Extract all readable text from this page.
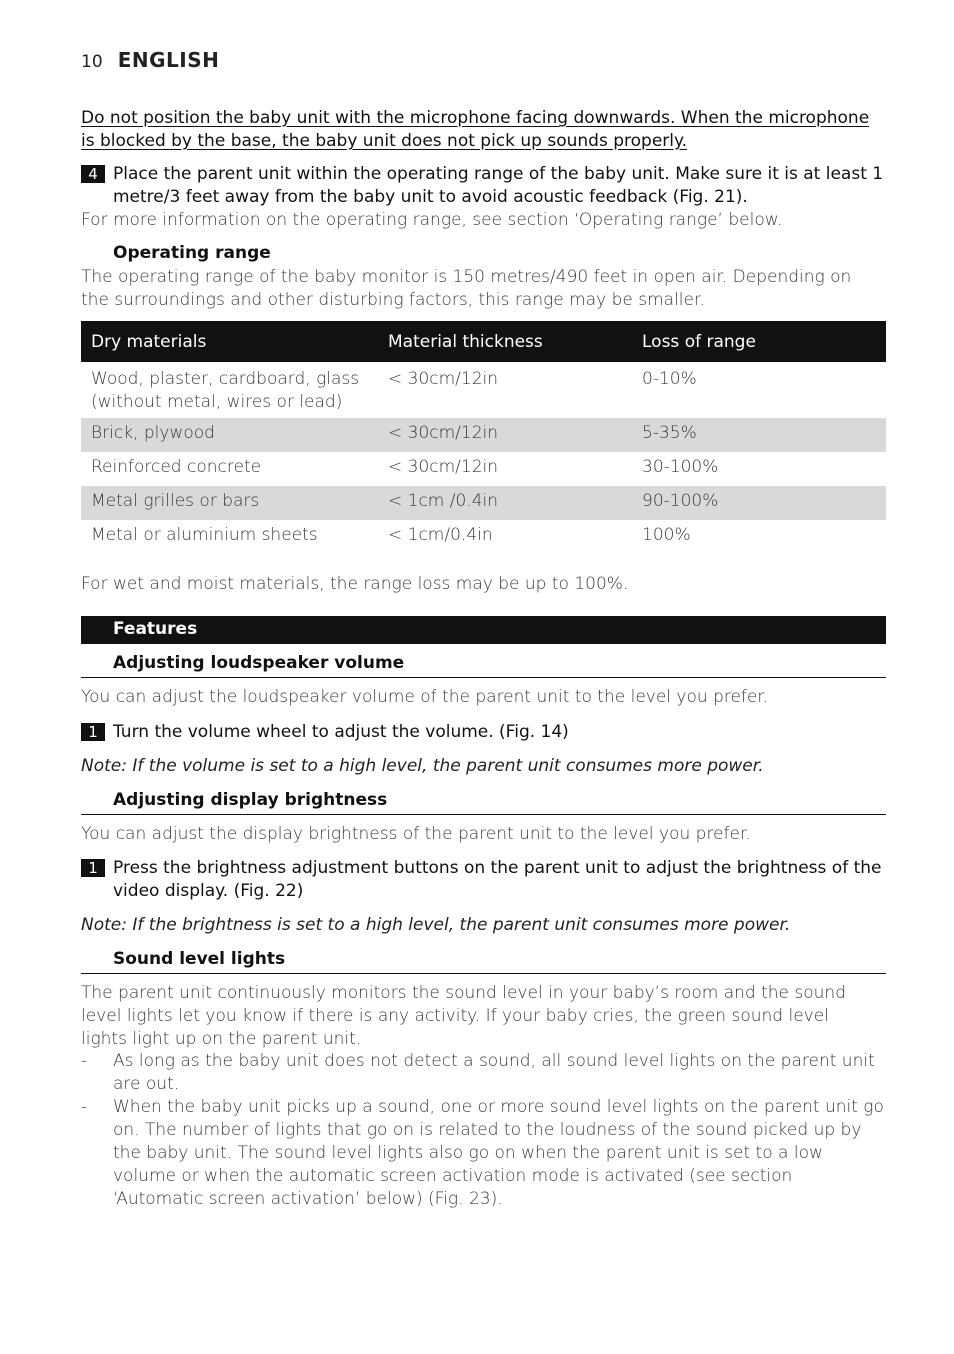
10 ENGLISH
Do not position the baby unit with the microphone facing downwards. When the microphone is blocked by the base, the baby unit does not pick up sounds properly.
4 Place the parent unit within the operating range of the baby unit. Make sure it is at least 1 metre/3 feet away from the baby unit to avoid acoustic feedback (Fig. 21).
For more information on the operating range, see section ‘Operating range’ below.
Operating range
The operating range of the baby monitor is 150 metres/490 feet in open air. Depending on the surroundings and other disturbing factors, this range may be smaller.
Dry materials	Material thickness	Loss of range
Wood, plaster, cardboard, glass (without metal, wires or lead)	< 30cm/12in	0-10%
Brick, plywood	< 30cm/12in	5-35%
Reinforced concrete	< 30cm/12in	30-100%
Metal grilles or bars	< 1cm /0.4in	90-100%
Metal or aluminium sheets	< 1cm/0.4in	100%
For wet and moist materials, the range loss may be up to 100%.
Features
Adjusting loudspeaker volume
You can adjust the loudspeaker volume of the parent unit to the level you prefer.
1 Turn the volume wheel to adjust the volume. (Fig. 14)
Note: If the volume is set to a high level, the parent unit consumes more power.
Adjusting display brightness
You can adjust the display brightness of the parent unit to the level you prefer.
1 Press the brightness adjustment buttons on the parent unit to adjust the brightness of the video display. (Fig. 22)
Note: If the brightness is set to a high level, the parent unit consumes more power.
Sound level lights
The parent unit continuously monitors the sound level in your baby’s room and the sound level lights let you know if there is any activity. If your baby cries, the green sound level lights light up on the parent unit.
- As long as the baby unit does not detect a sound, all sound level lights on the parent unit are out.
- When the baby unit picks up a sound, one or more sound level lights on the parent unit go on. The number of lights that go on is related to the loudness of the sound picked up by the baby unit. The sound level lights also go on when the parent unit is set to a low volume or when the automatic screen activation mode is activated (see section ‘Automatic screen activation’ below) (Fig. 23).
